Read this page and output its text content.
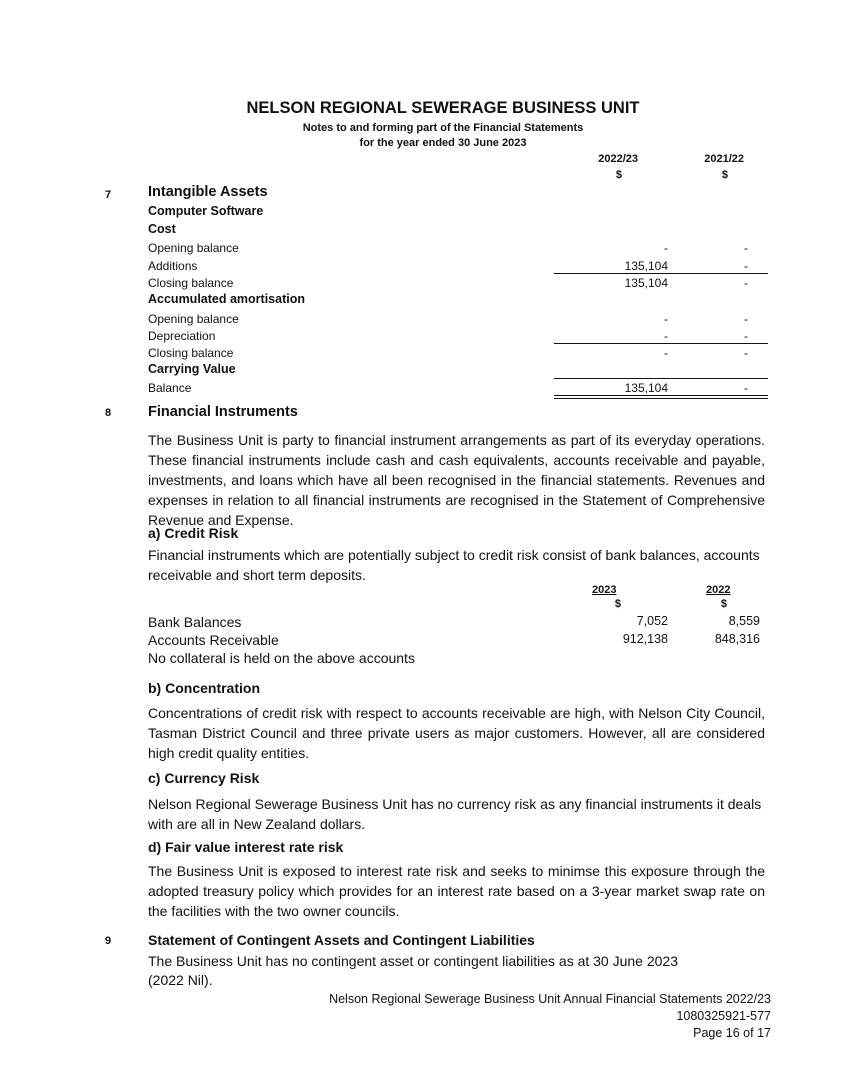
NELSON REGIONAL SEWERAGE BUSINESS UNIT
Notes to and forming part of the Financial Statements
for the year ended 30 June 2023
2022/23	2021/22
$	$
7	Intangible Assets
Computer Software
Cost
Opening balance	-	-
Additions	135,104	-
Closing balance	135,104	-
Accumulated amortisation
Opening balance	-	-
Depreciation	-	-
Closing balance	-	-
Carrying Value
Balance	135,104	-
8	Financial Instruments
The Business Unit is party to financial instrument arrangements as part of its everyday operations. These financial instruments include cash and cash equivalents, accounts receivable and payable, investments, and loans which have all been recognised in the financial statements. Revenues and expenses in relation to all financial instruments are recognised in the Statement of Comprehensive Revenue and Expense.
a) Credit Risk
Financial instruments which are potentially subject to credit risk consist of bank balances, accounts receivable and short term deposits.
2023	2022
$	$
Bank Balances	7,052	8,559
Accounts Receivable	912,138	848,316
No collateral is held on the above accounts
b) Concentration
Concentrations of credit risk with respect to accounts receivable are high, with Nelson City Council, Tasman District Council and three private users as major customers. However, all are considered high credit quality entities.
c) Currency Risk
Nelson Regional Sewerage Business Unit has no currency risk as any financial instruments it deals with are all in New Zealand dollars.
d) Fair value interest rate risk
The Business Unit is exposed to interest rate risk and seeks to minimse this exposure through the adopted treasury policy which provides for an interest rate based on a 3-year market swap rate on the facilities with the two owner councils.
9	Statement of Contingent Assets and Contingent Liabilities
The Business Unit has no contingent asset or contingent liabilities as at 30 June 2023
(2022 Nil).
Nelson Regional Sewerage Business Unit Annual Financial Statements 2022/23
1080325921-577
Page 16 of 17
